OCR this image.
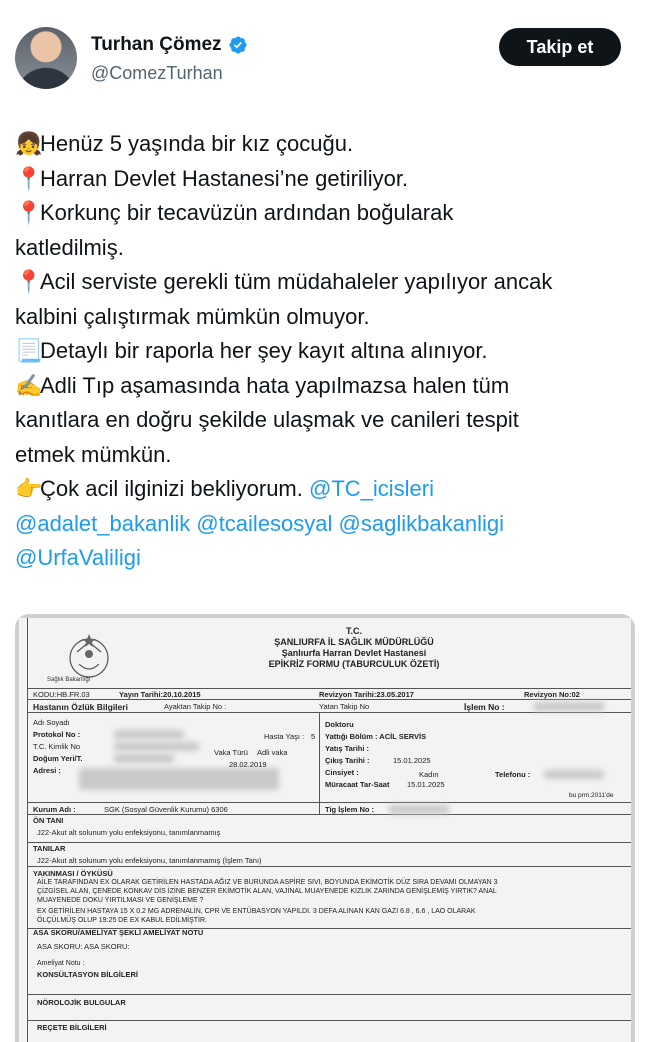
Turhan Çömez
@ComezTurhan
Takip et
👧Henüz 5 yaşında bir kız çocuğu.
📍Harran Devlet Hastanesi’ne getiriliyor.
📍Korkunç bir tecavüzün ardından boğularak
katledilmiş.
📍Acil serviste gerekli tüm müdahaleler yapılıyor ancak
kalbini çalıştırmak mümkün olmuyor.
📃Detaylı bir raporla her şey kayıt altına alınıyor.
✍Adli Tıp aşamasında hata yapılmazsa halen tüm
kanıtlara en doğru şekilde ulaşmak ve canileri tespit
etmek mümkün.
👉Çok acil ilginizi bekliyorum. @TC_icisleri
@adalet_bakanlik @tcailesosyal @saglikbakanligi
@UrfaValiligi
Sağlık Bakanlığı
T.C.
ŞANLIURFA İL SAĞLIK MÜDÜRLÜĞÜ
Şanlıurfa Harran Devlet Hastanesi
EPİKRİZ FORMU (TABURCULUK ÖZETİ)
KODU:HB.FR.03	Yayın Tarihi:20.10.2015	Revizyon Tarihi:23.05.2017	Revizyon No:02
Hastanın Özlük Bilgileri	Ayaktan Takip No :	Yatan Takip No	İşlem No :
Adı Soyadı
Protokol No :
T.C. Kimlik No
Doğum Yeri/T.
Adresi :
Hasta Yaşı : 5
Vaka Türü Adli vaka
28.02.2019
Doktoru
Yattığı Bölüm : ACİL SERVİS
Yatış Tarihi :
Çıkış Tarihi :	15.01.2025
Cinsiyet :	Kadın	Telefonu :
Müracaat Tar-Saat 15.01.2025
bu prm.2011'de
Kurum Adı :	SGK (Sosyal Güvenlik Kurumu) 6306	Tig İşlem No :
ÖN TANI
J22-Akut alt solunum yolu enfeksiyonu, tanımlanmamış
TANILAR
J22-Akut alt solunum yolu enfeksiyonu, tanımlanmamış (İşlem Tanı)
YAKINMASI / ÖYKÜSÜ
AİLE TARAFINDAN EX OLARAK GETİRİLEN HASTADA AĞIZ VE BURUNDA ASPİRE SIVI, BOYUNDA EKİMOTİK DÜZ SIRA DEVAMI OLMAYAN 3
ÇİZGİSEL ALAN, ÇENEDE KONKAV DİS İZİNE BENZER EKİMOTİK ALAN, VAJİNAL MUAYENEDE KIZLIK ZARINDA GENİŞLEMİŞ YIRTIK? ANAL
MUAYENEDE DOKU YIRTILMASI VE GENİŞLEME ?
EX GETİRİLEN HASTAYA 15 X 0.2 MG ADRENALİN, CPR VE ENTÜBASYON YAPILDI. 3 DEFA ALINAN KAN GAZI 6.8 , 6.6 , LAO OLARAK
ÖLÇÜLMÜŞ OLUP 19:25 DE EX KABUL EDİLMİŞTİR.
ASA SKORU/AMELİYAT ŞEKLİ AMELİYAT NOTU
ASA SKORU: ASA SKORU:
Ameliyat Notu :
KONSÜLTASYON BİLGİLERİ
NÖROLOJİK BULGULAR
REÇETE BİLGİLERİ
